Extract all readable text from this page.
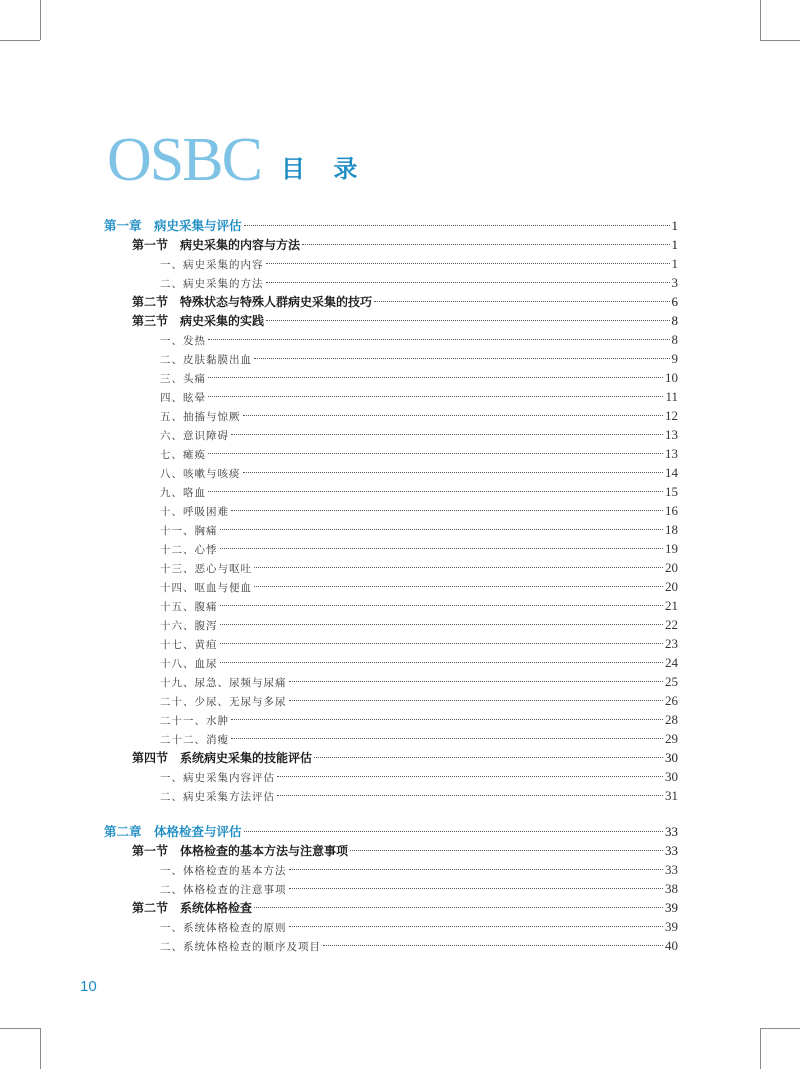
OSBC 目 录
第一章　病史采集与评估	1
第一节　病史采集的内容与方法	1
一、病史采集的内容	1
二、病史采集的方法	3
第二节　特殊状态与特殊人群病史采集的技巧	6
第三节　病史采集的实践	8
一、发热	8
二、皮肤黏膜出血	9
三、头痛	10
四、眩晕	11
五、抽搐与惊厥	12
六、意识障碍	13
七、瘫痪	13
八、咳嗽与咳痰	14
九、咯血	15
十、呼吸困难	16
十一、胸痛	18
十二、心悸	19
十三、恶心与呕吐	20
十四、呕血与便血	20
十五、腹痛	21
十六、腹泻	22
十七、黄疸	23
十八、血尿	24
十九、尿急、尿频与尿痛	25
二十、少尿、无尿与多尿	26
二十一、水肿	28
二十二、消瘦	29
第四节　系统病史采集的技能评估	30
一、病史采集内容评估	30
二、病史采集方法评估	31
第二章　体格检查与评估	33
第一节　体格检查的基本方法与注意事项	33
一、体格检查的基本方法	33
二、体格检查的注意事项	38
第二节　系统体格检查	39
一、系统体格检查的原则	39
二、系统体格检查的顺序及项目	40
10
